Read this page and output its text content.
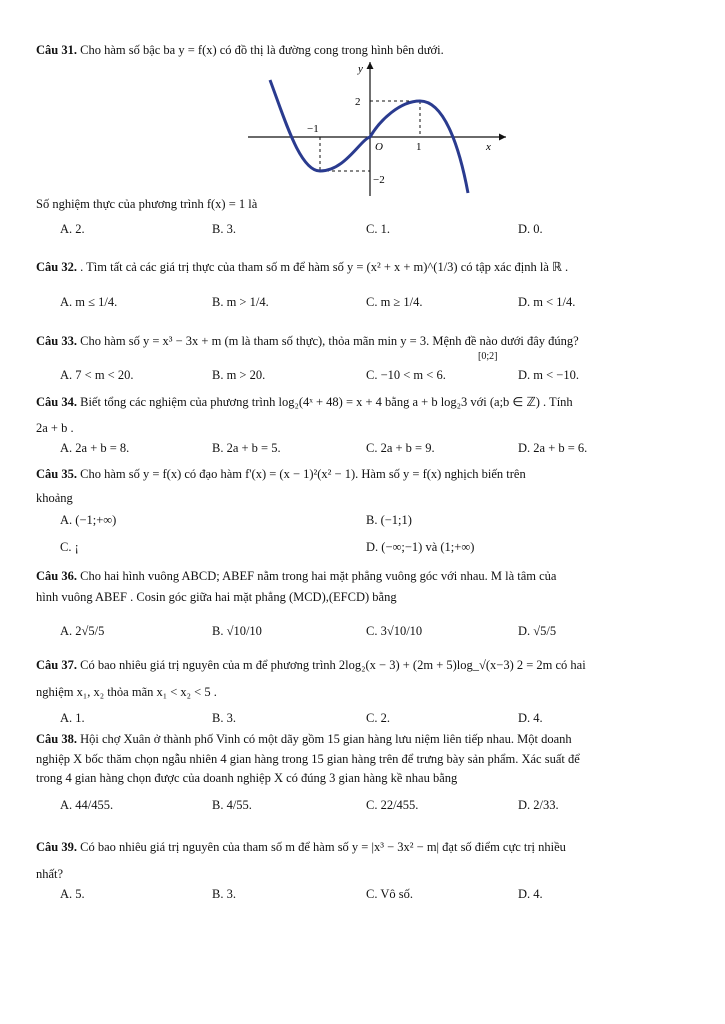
Câu 31. Cho hàm số bậc ba y = f(x) có đồ thị là đường cong trong hình bên dưới.
y
x
O	1
−1
2
−2
Số nghiệm thực của phương trình f(x) = 1 là
A. 2.	B. 3.	C. 1.	D. 0.
Câu 32. . Tìm tất cả các giá trị thực của tham số m để hàm số y = (x² + x + m)^(1/3) có tập xác định là ℝ .
A. m ≤ 1/4.	B. m > 1/4.	C. m ≥ 1/4.	D. m < 1/4.
Câu 33. Cho hàm số y = x³ − 3x + m (m là tham số thực), thỏa mãn min y = 3. Mệnh đề nào dưới đây đúng?
[0;2]
A. 7 < m < 20.	B. m > 20.	C. −10 < m < 6.	D. m < −10.
Câu 34. Biết tổng các nghiệm của phương trình log₂(4ˣ + 48) = x + 4 bằng a + b log₂3 với (a;b ∈ ℤ) . Tính
2a + b .
A. 2a + b = 8.	B. 2a + b = 5.	C. 2a + b = 9.	D. 2a + b = 6.
Câu 35. Cho hàm số y = f(x) có đạo hàm f'(x) = (x − 1)²(x² − 1). Hàm số y = f(x) nghịch biến trên
khoảng
A. (−1;+∞)	B. (−1;1)
C. ¡	D. (−∞;−1) và (1;+∞)
Câu 36. Cho hai hình vuông ABCD; ABEF nằm trong hai mặt phẳng vuông góc với nhau. M là tâm của
hình vuông ABEF . Cosin góc giữa hai mặt phẳng (MCD),(EFCD) bằng
A. 2√5/5	B. √10/10	C. 3√10/10	D. √5/5
Câu 37. Có bao nhiêu giá trị nguyên của m để phương trình 2log₂(x − 3) + (2m + 5)log_√(x−3) 2 = 2m có hai
nghiệm x₁, x₂ thỏa mãn x₁ < x₂ < 5 .
A. 1.	B. 3.	C. 2.	D. 4.
Câu 38. Hội chợ Xuân ở thành phố Vinh có một dãy gồm 15 gian hàng lưu niệm liên tiếp nhau. Một doanh
nghiệp X bốc thăm chọn ngẫu nhiên 4 gian hàng trong 15 gian hàng trên để trưng bày sản phẩm. Xác suất để
trong 4 gian hàng chọn được của doanh nghiệp X có đúng 3 gian hàng kề nhau bằng
A. 44/455.	B. 4/55.	C. 22/455.	D. 2/33.
Câu 39. Có bao nhiêu giá trị nguyên của tham số m để hàm số y = |x³ − 3x² − m| đạt số điểm cực trị nhiều
nhất?
A. 5.	B. 3.	C. Vô số.	D. 4.
